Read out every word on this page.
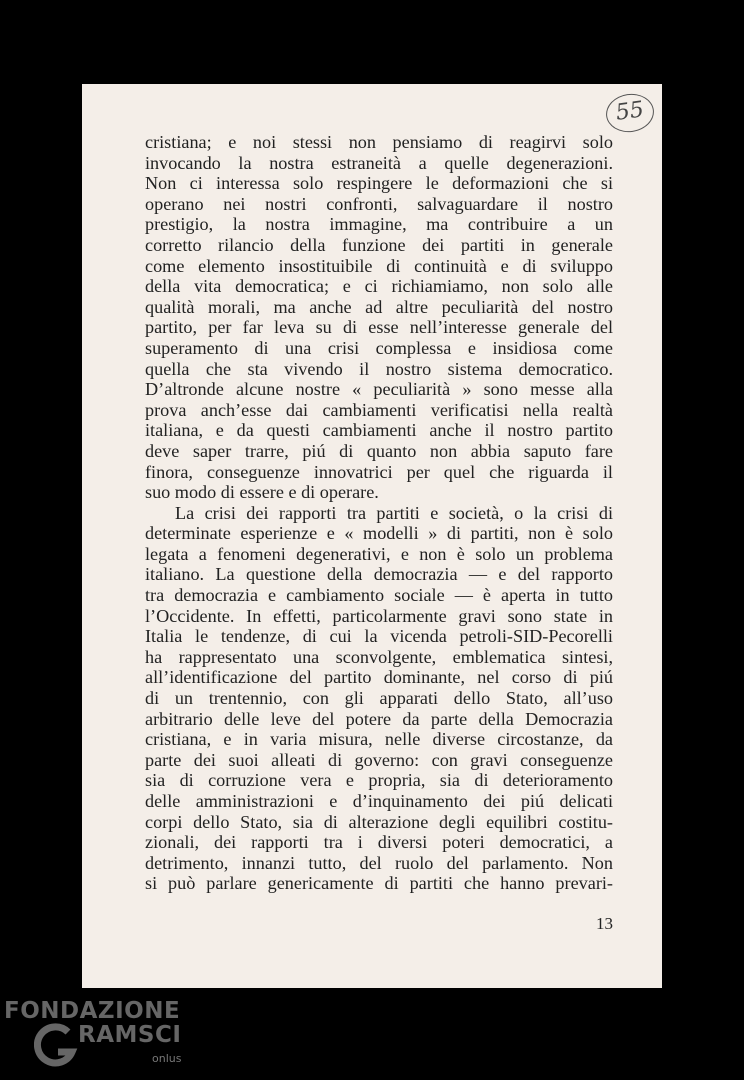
55
cristiana; e noi stessi non pensiamo di reagirvi solo
invocando la nostra estraneità a quelle degenerazioni.
Non ci interessa solo respingere le deformazioni che si
operano nei nostri confronti, salvaguardare il nostro
prestigio, la nostra immagine, ma contribuire a un
corretto rilancio della funzione dei partiti in generale
come elemento insostituibile di continuità e di sviluppo
della vita democratica; e ci richiamiamo, non solo alle
qualità morali, ma anche ad altre peculiarità del nostro
partito, per far leva su di esse nell’interesse generale del
superamento di una crisi complessa e insidiosa come
quella che sta vivendo il nostro sistema democratico.
D’altronde alcune nostre « peculiarità » sono messe alla
prova anch’esse dai cambiamenti verificatisi nella realtà
italiana, e da questi cambiamenti anche il nostro partito
deve saper trarre, piú di quanto non abbia saputo fare
finora, conseguenze innovatrici per quel che riguarda il
suo modo di essere e di operare.
La crisi dei rapporti tra partiti e società, o la crisi di
determinate esperienze e « modelli » di partiti, non è solo
legata a fenomeni degenerativi, e non è solo un problema
italiano. La questione della democrazia — e del rapporto
tra democrazia e cambiamento sociale — è aperta in tutto
l’Occidente. In effetti, particolarmente gravi sono state in
Italia le tendenze, di cui la vicenda petroli-SID-Pecorelli
ha rappresentato una sconvolgente, emblematica sintesi,
all’identificazione del partito dominante, nel corso di piú
di un trentennio, con gli apparati dello Stato, all’uso
arbitrario delle leve del potere da parte della Democrazia
cristiana, e in varia misura, nelle diverse circostanze, da
parte dei suoi alleati di governo: con gravi conseguenze
sia di corruzione vera e propria, sia di deterioramento
delle amministrazioni e d’inquinamento dei piú delicati
corpi dello Stato, sia di alterazione degli equilibri costitu-
zionali, dei rapporti tra i diversi poteri democratici, a
detrimento, innanzi tutto, del ruolo del parlamento. Non
si può parlare genericamente di partiti che hanno prevari-
13
FONDAZIONE
RAMSCI
onlus
